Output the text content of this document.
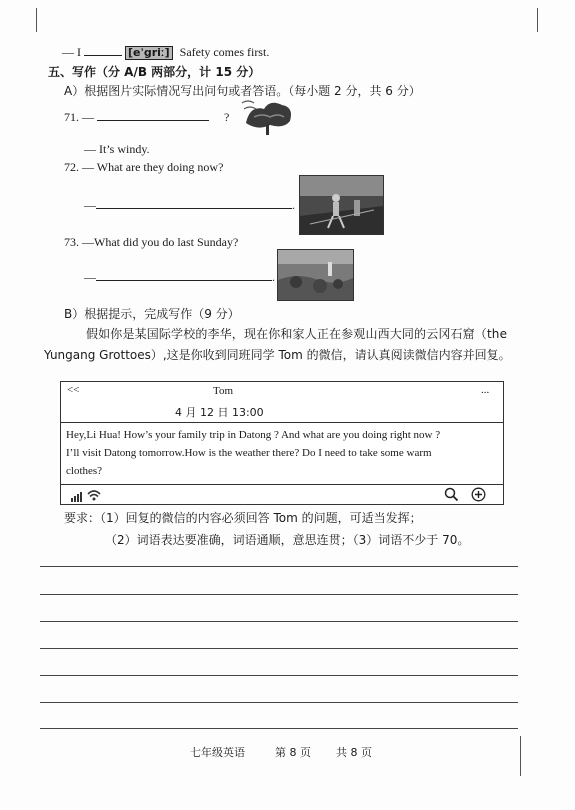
— I	[eˈgriː] Safety comes first.
五、写作（分 A/B 两部分，计 15 分）
A）根据图片实际情况写出问句或者答语。（每小题 2 分，共 6 分）
71. —	?
— It’s windy.
72. — What are they doing now?
—	.
73. —What did you do last Sunday?
—	.
B）根据提示，完成写作（9 分）
假如你是某国际学校的李华，现在你和家人正在参观山西大同的云冈石窟（the
Yungang Grottoes）,这是你收到同班同学 Tom 的微信，请认真阅读微信内容并回复。
<<	Tom	...
4 月 12 日 13:00
Hey,Li Hua! How’s your family trip in Datong ? And what are you doing right now ?
I’ll visit Datong tomorrow.How is the weather there? Do I need to take some warm
clothes?
要求：（1）回复的微信的内容必须回答 Tom 的问题，可适当发挥；
（2）词语表达要准确，词语通顺，意思连贯；（3）词语不少于 70。
七年级英语	第 8 页 共 8 页
